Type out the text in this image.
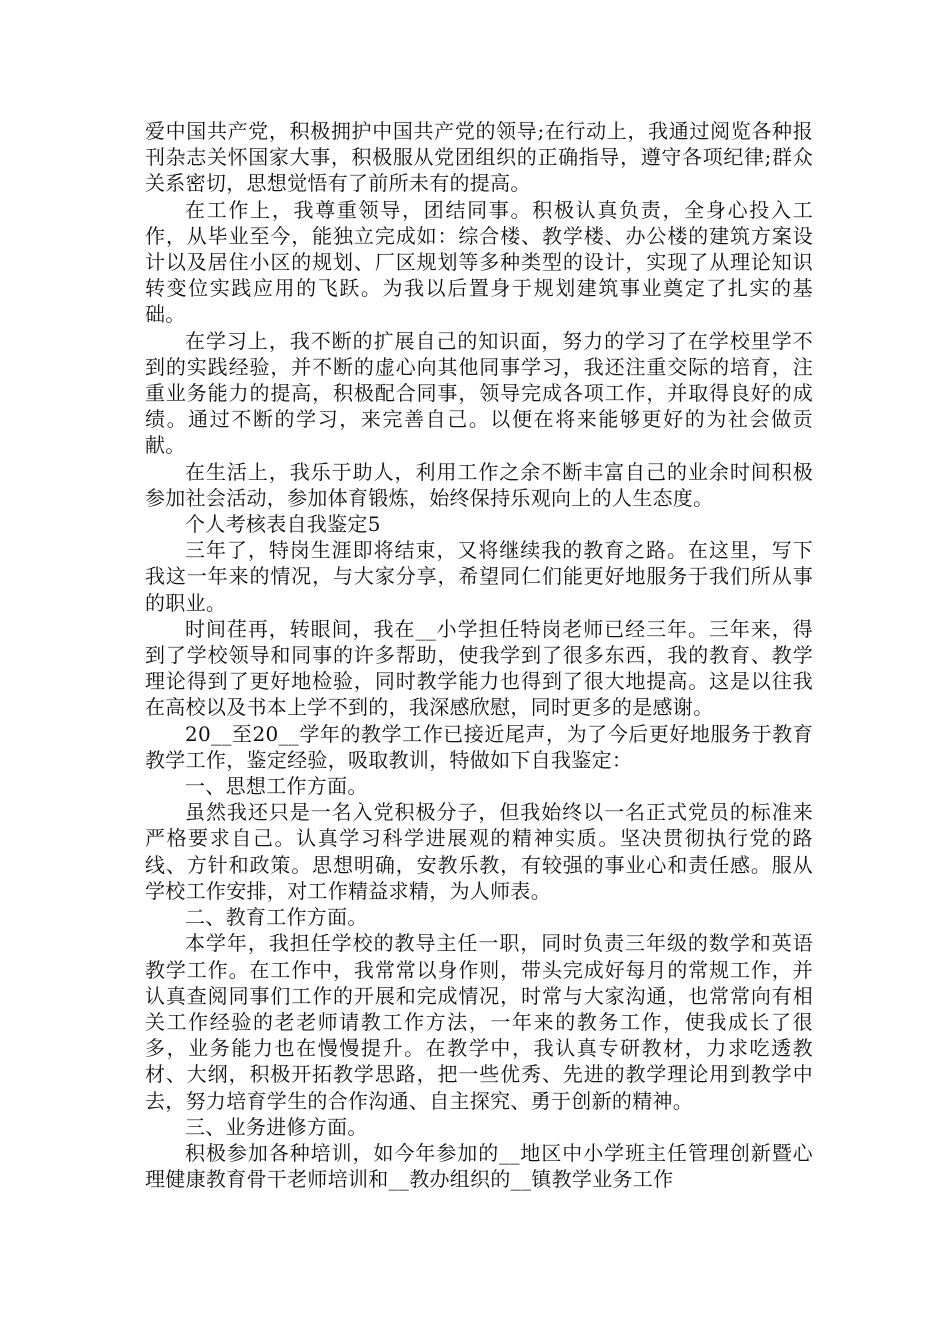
爱中国共产党，积极拥护中国共产党的领导;在行动上，我通过阅览各种报刊杂志关怀国家大事，积极服从党团组织的正确指导，遵守各项纪律;群众关系密切，思想觉悟有了前所未有的提高。

在工作上，我尊重领导，团结同事。积极认真负责，全身心投入工作，从毕业至今，能独立完成如：综合楼、教学楼、办公楼的建筑方案设计以及居住小区的规划、厂区规划等多种类型的设计，实现了从理论知识转变位实践应用的飞跃。为我以后置身于规划建筑事业奠定了扎实的基础。

在学习上，我不断的扩展自己的知识面，努力的学习了在学校里学不到的实践经验，并不断的虚心向其他同事学习，我还注重交际的培育，注重业务能力的提高，积极配合同事，领导完成各项工作，并取得良好的成绩。通过不断的学习，来完善自己。以便在将来能够更好的为社会做贡献。

在生活上，我乐于助人，利用工作之余不断丰富自己的业余时间积极参加社会活动，参加体育锻炼，始终保持乐观向上的人生态度。

个人考核表自我鉴定5

三年了，特岗生涯即将结束，又将继续我的教育之路。在这里，写下我这一年来的情况，与大家分享，希望同仁们能更好地服务于我们所从事的职业。

时间荏再，转眼间，我在__小学担任特岗老师已经三年。三年来，得到了学校领导和同事的许多帮助，使我学到了很多东西，我的教育、教学理论得到了更好地检验，同时教学能力也得到了很大地提高。这是以往我在高校以及书本上学不到的，我深感欣慰，同时更多的是感谢。

20__至20__学年的教学工作已接近尾声，为了今后更好地服务于教育教学工作，鉴定经验，吸取教训，特做如下自我鉴定：

一、思想工作方面。

虽然我还只是一名入党积极分子，但我始终以一名正式党员的标准来严格要求自己。认真学习科学进展观的精神实质。坚决贯彻执行党的路线、方针和政策。思想明确，安教乐教，有较强的事业心和责任感。服从学校工作安排，对工作精益求精，为人师表。

二、教育工作方面。

本学年，我担任学校的教导主任一职，同时负责三年级的数学和英语教学工作。在工作中，我常常以身作则，带头完成好每月的常规工作，并认真查阅同事们工作的开展和完成情况，时常与大家沟通，也常常向有相关工作经验的老老师请教工作方法，一年来的教务工作，使我成长了很多，业务能力也在慢慢提升。在教学中，我认真专研教材，力求吃透教材、大纲，积极开拓教学思路，把一些优秀、先进的教学理论用到教学中去，努力培育学生的合作沟通、自主探究、勇于创新的精神。

三、业务进修方面。

积极参加各种培训，如今年参加的__地区中小学班主任管理创新暨心理健康教育骨干老师培训和__教办组织的__镇教学业务工作
